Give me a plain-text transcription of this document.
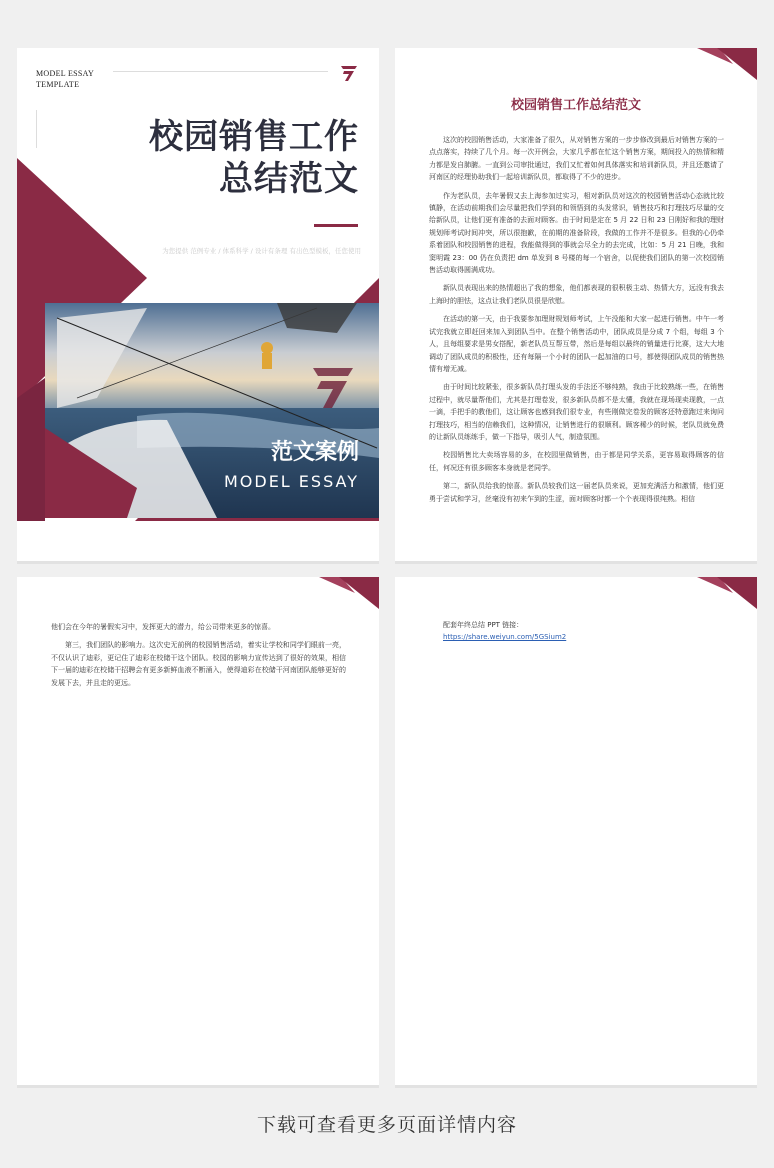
MODEL ESSAY
TEMPLATE
校园销售工作
总结范文
为您提供 范例专业 / 体系科学 / 设计有条理 有出色型模板，任您使用
范文案例
MODEL ESSAY
校园销售工作总结范文

这次的校园销售活动，大家准备了很久，从对销售方案的一步步修改到最后对销售方案的一点点落实，持续了几个月。每一次开例会，大家几乎都在忙这个销售方案，期间投入的热情和精力都是发自肺腑。一直到公司审批通过，我们又忙着如何具体落实和培训新队员，并且还邀请了河南区的经理协助我们一起培训新队员，都取得了不少的进步。

作为老队员，去年暑假又去上海参加过实习，相对新队员对这次的校园销售活动心态就比较镇静，在活动前期我们会尽量把我们学到的和领悟到的头发常识，销售技巧和打理技巧尽量的交给新队员，让他们更有准备的去面对顾客。由于时间是定在 5 月 22 日和 23 日刚好和我的理财规划师考试时间冲突，所以很抱歉，在前期的准备阶段，我做的工作并不是很多。但我的心仍牵系着团队和校园销售的进程，我能做得到的事就会尽全力的去完成，比如：5 月 21 日晚，我和窦明霞 23：00 仍在负责把 dm 单发到 8 号楼的每一个宿舍，以促使我们团队的第一次校园销售活动取得圆满成功。

新队员表现出来的热情超出了我的想象，他们都表现的很积极主动、热情大方，远没有我去上海时的胆怯，这点让我们老队员很是欣慰。

在活动的第一天，由于我要参加理财规划师考试，上午没能和大家一起进行销售。中午一考试完我就立即赶回来加入到团队当中。在整个销售活动中，团队成员是分成 7 个组，每组 3 个人，且每组要求是男女搭配，新老队员互帮互带，然后是每组以最终的销量进行比赛，这大大地调动了团队成员的积极性，还有每隔一个小时的团队一起加油的口号，都使得团队成员的销售热情有增无减。

由于时间比较紧张，很多新队员打理头发的手法还不够纯熟，我由于比较熟练一些，在销售过程中，就尽量帮他们，尤其是打理卷发，很多新队员都不是太懂，我就在现场现卖现教，一点一滴，手把手的教他们，这让顾客也感到我们很专业，有些刚做完卷发的顾客还特意跑过来询问打理技巧，相当的信赖我们，这种情况，让销售进行的很顺利。顾客稀少的时候，老队员就免费的让新队员练练手，做一下指导，吸引人气，制造氛围。

校园销售比大卖场容易的多，在校园里做销售，由于都是同学关系，更容易取得顾客的信任，何况还有很多顾客本身就是老同学。

第二，新队员给我的惊喜。新队员较我们这一届老队员来说，更加充满活力和激情，他们更勇于尝试和学习，丝毫没有初来乍到的生涩，面对顾客时都一个个表现得很纯熟。相信

他们会在今年的暑假实习中，发挥更大的潜力，给公司带来更多的惊喜。

第三，我们团队的影响力。这次史无前例的校园销售活动，着实让学校和同学们眼前一亮，不仅认识了迪彩，更记住了迪彩在校储干这个团队。校园的影响力宣传达到了很好的效果，相信下一届的迪彩在校储干招聘会有更多新鲜血液不断涌入，使得迪彩在校储干河南团队能够更好的发展下去，并且走的更远。

配套年终总结 PPT 链接：
https://share.weiyun.com/5GSium2
下载可查看更多页面详情内容
